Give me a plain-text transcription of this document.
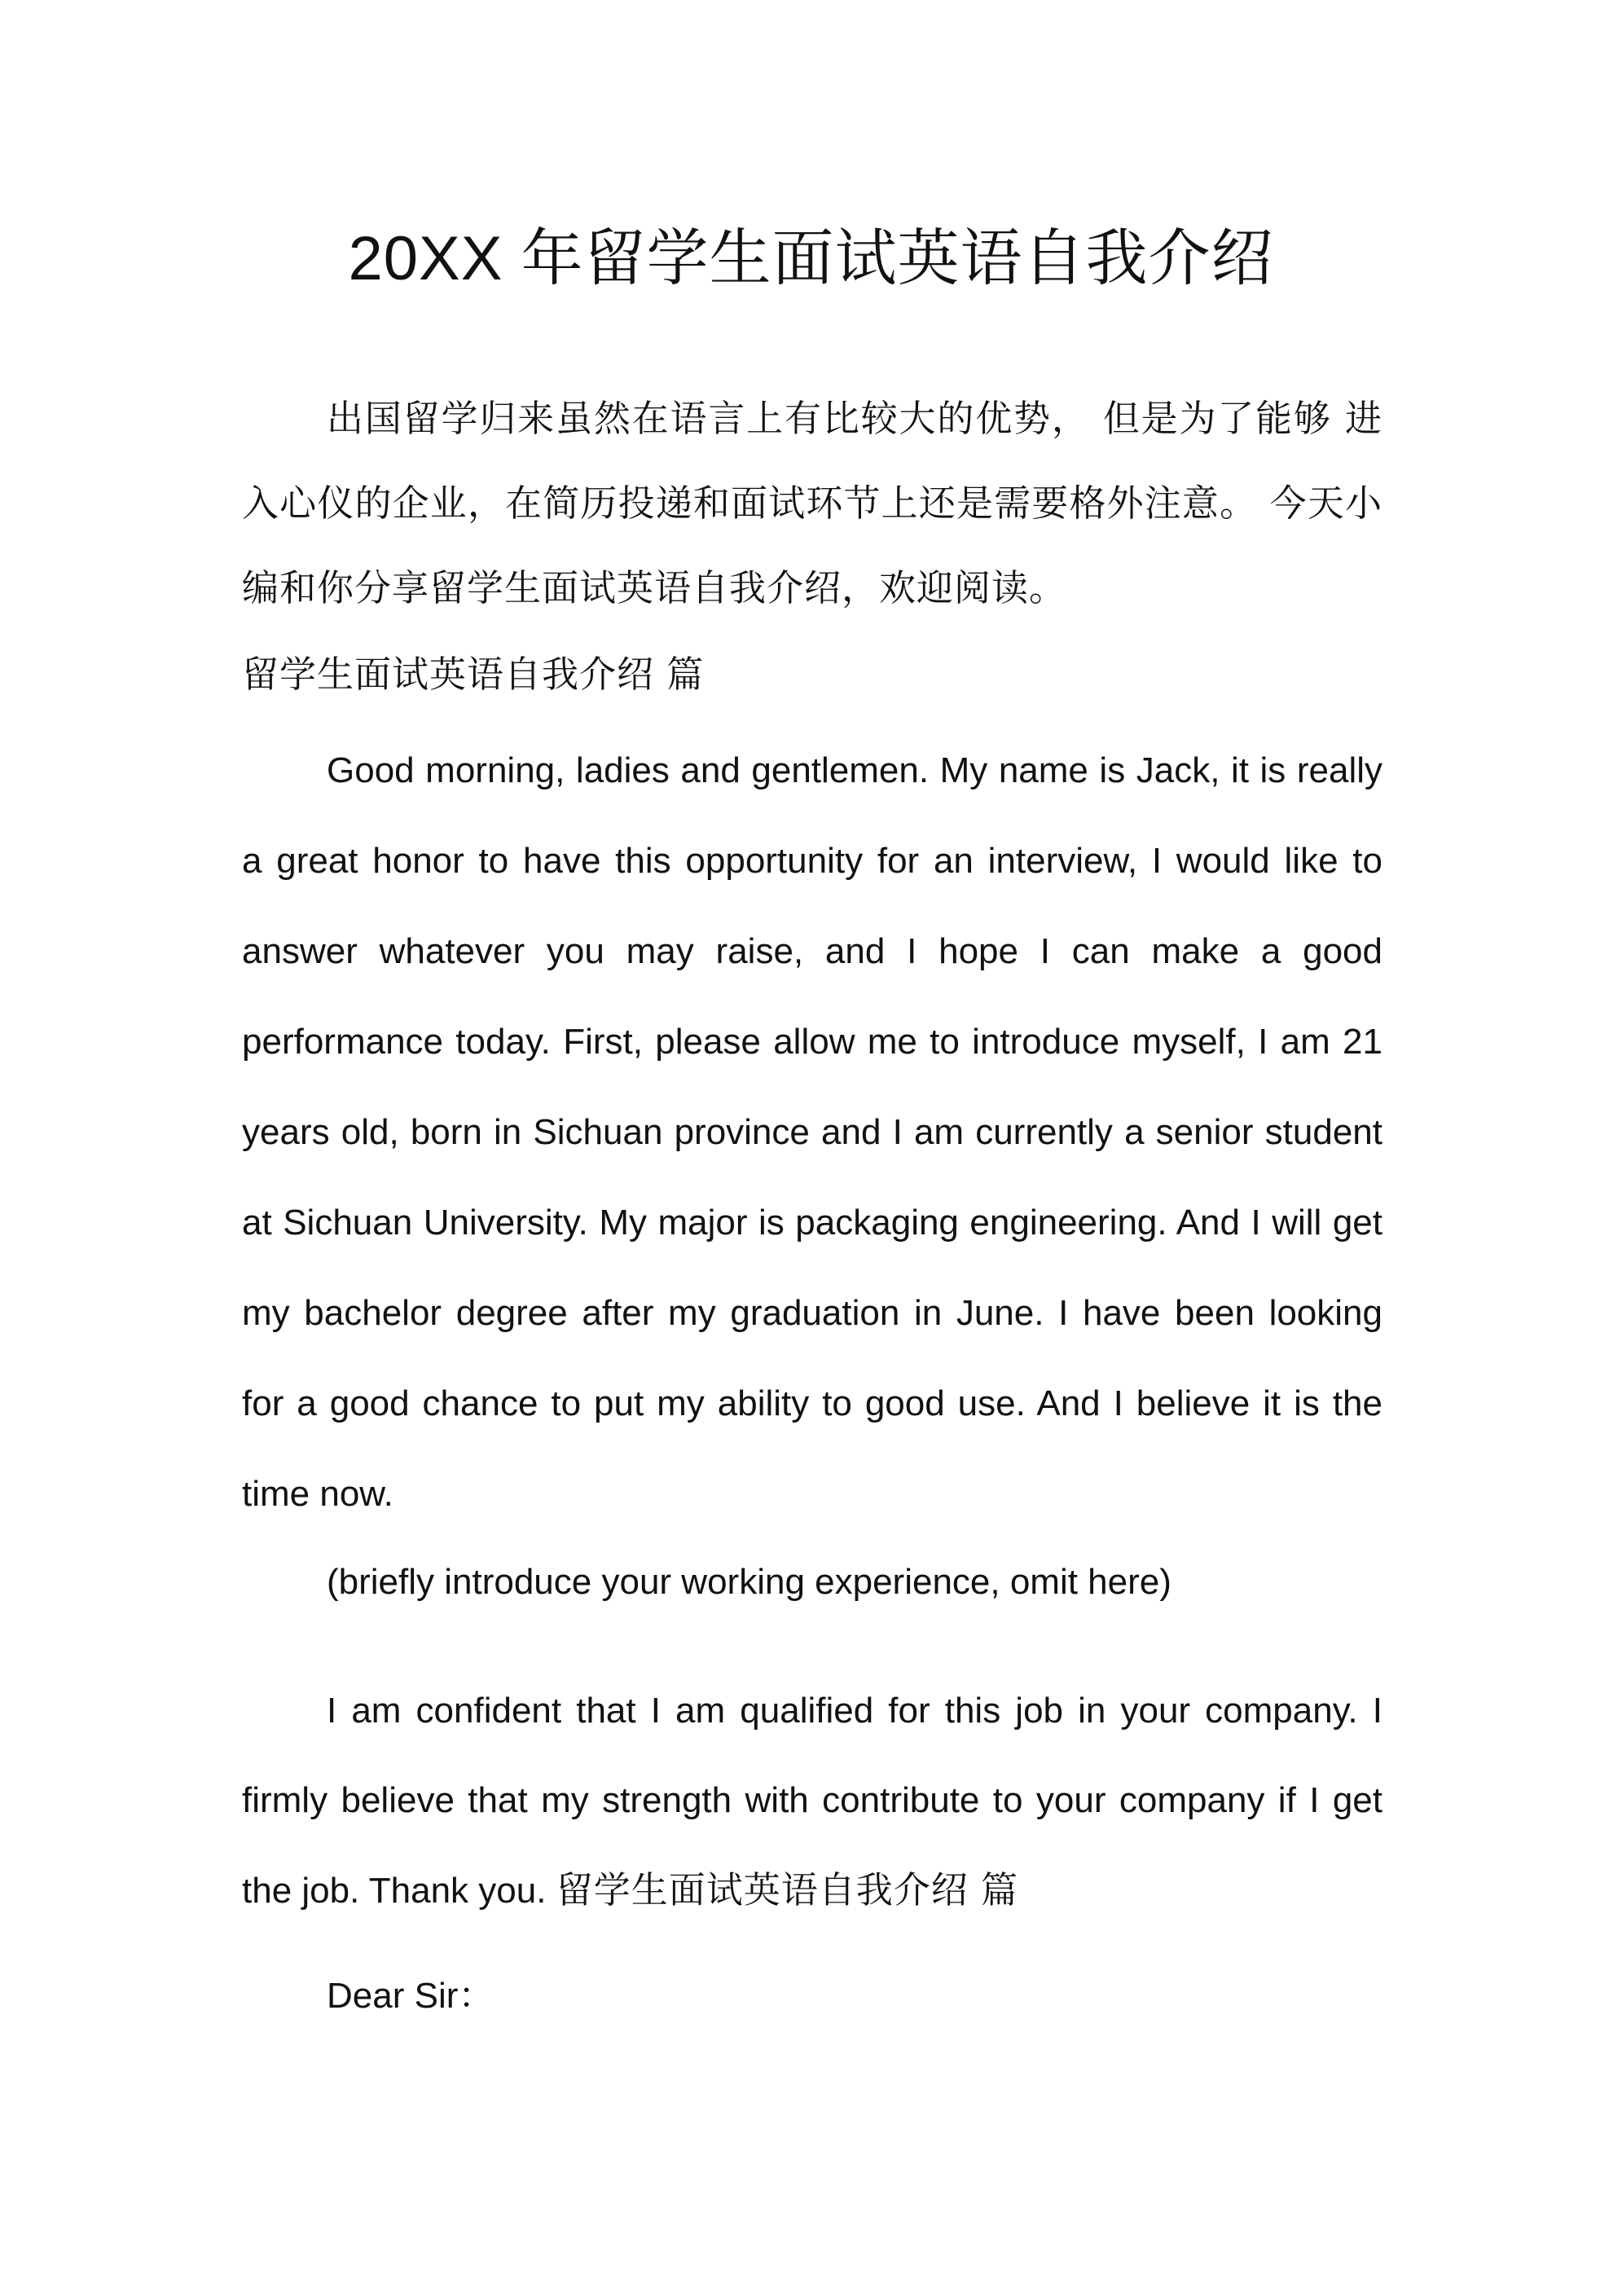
20XX 年留学生面试英语自我介绍

出国留学归来虽然在语言上有比较大的优势， 但是为了能够 进入心仪的企业，在简历投递和面试环节上还是需要格外注意。 今天小编和你分享留学生面试英语自我介绍，欢迎阅读。

留学生面试英语自我介绍 篇

Good morning, ladies and gentlemen. My name is Jack, it is really a great honor to have this opportunity for an interview, I would like to answer whatever you may raise, and I hope I can make a good performance today. First, please allow me to introduce myself, I am 21 years old, born in Sichuan province and I am currently a senior student at Sichuan University. My major is packaging engineering. And I will get my bachelor degree after my graduation in June. I have been looking for a good chance to put my ability to good use. And I believe it is the time now.

(briefly introduce your working experience, omit here)

I am confident that I am qualified for this job in your company. I firmly believe that my strength with contribute to your company if I get the job. Thank you. 留学生面试英语自我介绍 篇

Dear Sir：
